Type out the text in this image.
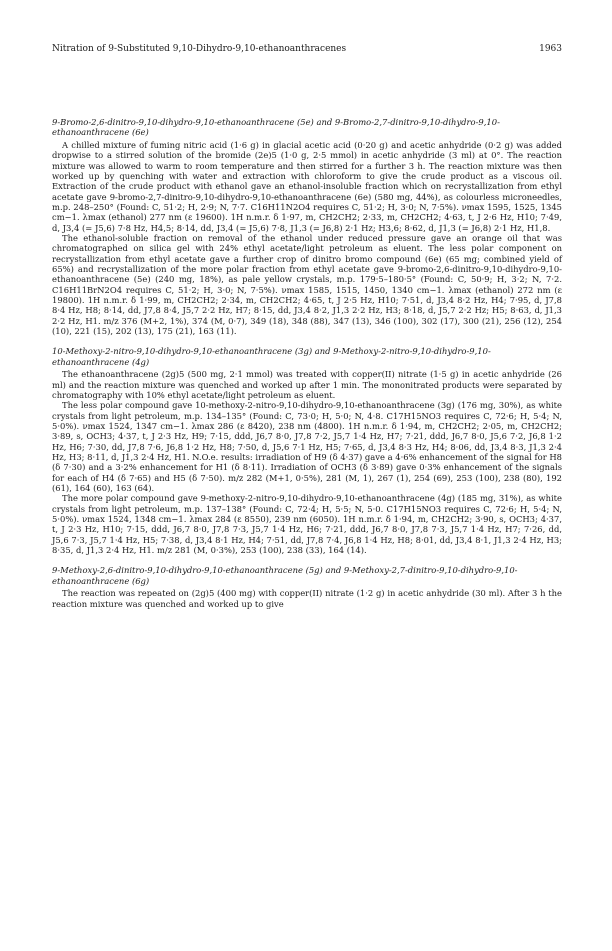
Nitration of 9-Substituted 9,10-Dihydro-9,10-ethanoanthracenes	1963
9-Bromo-2,6-dinitro-9,10-dihydro-9,10-ethanoanthracene (5e) and 9-Bromo-2,7-dinitro-9,10-dihydro-9,10-ethanoanthracene (6e)

A chilled mixture of fuming nitric acid (1·6 g) in glacial acetic acid (0·20 g) and acetic anhydride (0·2 g) was added dropwise to a stirred solution of the bromide (2e)5 (1·0 g, 2·5 mmol) in acetic anhydride (3 ml) at 0°. The reaction mixture was allowed to warm to room temperature and then stirred for a further 3 h. The reaction mixture was then worked up by quenching with water and extraction with chloroform to give the crude product as a viscous oil. Extraction of the crude product with ethanol gave an ethanol-insoluble fraction which on recrystallization from ethyl acetate gave 9-bromo-2,7-dinitro-9,10-dihydro-9,10-ethanoanthracene (6e) (580 mg, 44%), as colourless microneedles, m.p. 248–250° (Found: C, 51·2; H, 2·9; N, 7·7. C16H11N2O4 requires C, 51·2; H, 3·0; N, 7·5%). νmax 1595, 1525, 1345 cm−1. λmax (ethanol) 277 nm (ε 19600). 1H n.m.r. δ 1·97, m, CH2CH2; 2·33, m, CH2CH2; 4·63, t, J 2·6 Hz, H10; 7·49, d, J3,4 (= J5,6) 7·8 Hz, H4,5; 8·14, dd, J3,4 (= J5,6) 7·8, J1,3 (= J6,8) 2·1 Hz; H3,6; 8·62, d, J1,3 (= J6,8) 2·1 Hz, H1,8.

The ethanol-soluble fraction on removal of the ethanol under reduced pressure gave an orange oil that was chromatographed on silica gel with 24% ethyl acetate/light petroleum as eluent. The less polar component on recrystallization from ethyl acetate gave a further crop of dinitro bromo compound (6e) (65 mg; combined yield of 65%) and recrystallization of the more polar fraction from ethyl acetate gave 9-bromo-2,6-dinitro-9,10-dihydro-9,10-ethanoanthracene (5e) (240 mg, 18%), as pale yellow crystals, m.p. 179·5–180·5° (Found: C, 50·9; H, 3·2; N, 7·2. C16H11BrN2O4 requires C, 51·2; H, 3·0; N, 7·5%). νmax 1585, 1515, 1450, 1340 cm−1. λmax (ethanol) 272 nm (ε 19800). 1H n.m.r. δ 1·99, m, CH2CH2; 2·34, m, CH2CH2; 4·65, t, J 2·5 Hz, H10; 7·51, d, J3,4 8·2 Hz, H4; 7·95, d, J7,8 8·4 Hz, H8; 8·14, dd, J7,8 8·4, J5,7 2·2 Hz, H7; 8·15, dd, J3,4 8·2, J1,3 2·2 Hz, H3; 8·18, d, J5,7 2·2 Hz; H5; 8·63, d, J1,3 2·2 Hz, H1. m/z 376 (M+2, 1%), 374 (M, 0·7), 349 (18), 348 (88), 347 (13), 346 (100), 302 (17), 300 (21), 256 (12), 254 (10), 221 (15), 202 (13), 175 (21), 163 (11).

10-Methoxy-2-nitro-9,10-dihydro-9,10-ethanoanthracene (3g) and 9-Methoxy-2-nitro-9,10-dihydro-9,10-ethanoanthracene (4g)

The ethanoanthracene (2g)5 (500 mg, 2·1 mmol) was treated with copper(II) nitrate (1·5 g) in acetic anhydride (26 ml) and the reaction mixture was quenched and worked up after 1 min. The mononitrated products were separated by chromatography with 10% ethyl acetate/light petroleum as eluent.

The less polar compound gave 10-methoxy-2-nitro-9,10-dihydro-9,10-ethanoanthracene (3g) (176 mg, 30%), as white crystals from light petroleum, m.p. 134–135° (Found: C, 73·0; H, 5·0; N, 4·8. C17H15NO3 requires C, 72·6; H, 5·4; N, 5·0%). νmax 1524, 1347 cm−1. λmax 286 (ε 8420), 238 nm (4800). 1H n.m.r. δ 1·94, m, CH2CH2; 2·05, m, CH2CH2; 3·89, s, OCH3; 4·37, t, J 2·3 Hz, H9; 7·15, ddd, J6,7 8·0, J7,8 7·2, J5,7 1·4 Hz, H7; 7·21, ddd, J6,7 8·0, J5,6 7·2, J6,8 1·2 Hz, H6; 7·30, dd, J7,8 7·6, J6,8 1·2 Hz, H8; 7·50, d, J5,6 7·1 Hz, H5; 7·65, d, J3,4 8·3 Hz, H4; 8·06, dd, J3,4 8·3, J1,3 2·4 Hz, H3; 8·11, d, J1,3 2·4 Hz, H1. N.O.e. results: irradiation of H9 (δ 4·37) gave a 4·6% enhancement of the signal for H8 (δ 7·30) and a 3·2% enhancement for H1 (δ 8·11). Irradiation of OCH3 (δ 3·89) gave 0·3% enhancement of the signals for each of H4 (δ 7·65) and H5 (δ 7·50). m/z 282 (M+1, 0·5%), 281 (M, 1), 267 (1), 254 (69), 253 (100), 238 (80), 192 (61), 164 (60), 163 (64).

The more polar compound gave 9-methoxy-2-nitro-9,10-dihydro-9,10-ethanoanthracene (4g) (185 mg, 31%), as white crystals from light petroleum, m.p. 137–138° (Found: C, 72·4; H, 5·5; N, 5·0. C17H15NO3 requires C, 72·6; H, 5·4; N, 5·0%). νmax 1524, 1348 cm−1. λmax 284 (ε 8550), 239 nm (6050). 1H n.m.r. δ 1·94, m, CH2CH2; 3·90, s, OCH3; 4·37, t, J 2·3 Hz, H10; 7·15, ddd, J6,7 8·0, J7,8 7·3, J5,7 1·4 Hz, H6; 7·21, ddd, J6,7 8·0, J7,8 7·3, J5,7 1·4 Hz, H7; 7·26, dd, J5,6 7·3, J5,7 1·4 Hz, H5; 7·38, d, J3,4 8·1 Hz, H4; 7·51, dd, J7,8 7·4, J6,8 1·4 Hz, H8; 8·01, dd, J3,4 8·1, J1,3 2·4 Hz, H3; 8·35, d, J1,3 2·4 Hz, H1. m/z 281 (M, 0·3%), 253 (100), 238 (33), 164 (14).

9-Methoxy-2,6-dinitro-9,10-dihydro-9,10-ethanoanthracene (5g) and 9-Methoxy-2,7-dinitro-9,10-dihydro-9,10-ethanoanthracene (6g)

The reaction was repeated on (2g)5 (400 mg) with copper(II) nitrate (1·2 g) in acetic anhydride (30 ml). After 3 h the reaction mixture was quenched and worked up to give
